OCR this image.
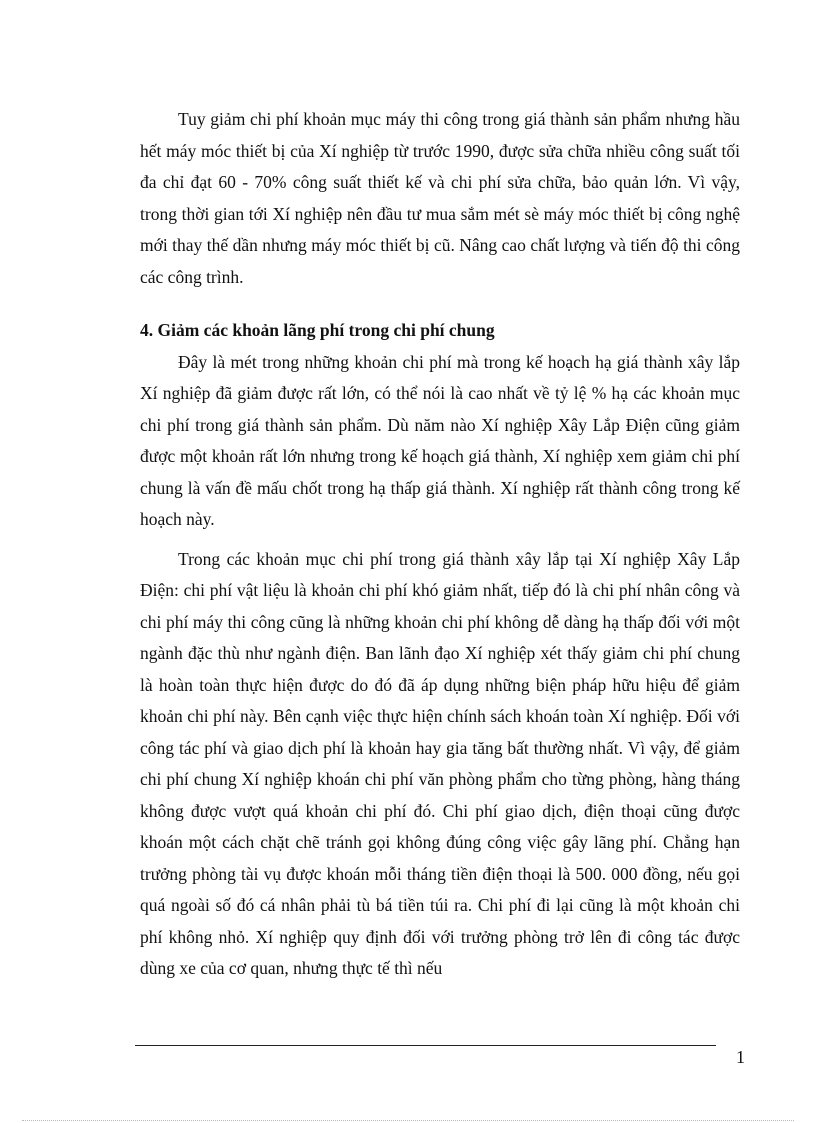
Tuy giảm chi phí khoản mục máy thi công trong giá thành sản phẩm nhưng hầu hết máy móc thiết bị của Xí nghiệp từ trước 1990, được sửa chữa nhiều công suất tối đa chỉ đạt 60 - 70% công suất thiết kế và chi phí sửa chữa, bảo quản lớn. Vì vậy, trong thời gian tới Xí nghiệp nên đầu tư mua sắm mét sè máy móc thiết bị công nghệ mới thay thế dần nhưng máy móc thiết bị cũ. Nâng cao chất lượng và tiến độ thi công các công trình.

4. Giảm các khoản lãng phí trong chi phí chung

Đây là mét trong những khoản chi phí mà trong kế hoạch hạ giá thành xây lắp Xí nghiệp đã giảm được rất lớn, có thể nói là cao nhất về tỷ lệ % hạ các khoản mục chi phí trong giá thành sản phẩm. Dù năm nào Xí nghiệp Xây Lắp Điện cũng giảm được một khoản rất lớn nhưng trong kế hoạch giá thành, Xí nghiệp xem giảm chi phí chung là vấn đề mấu chốt trong hạ thấp giá thành. Xí nghiệp rất thành công trong kế hoạch này.

Trong các khoản mục chi phí trong giá thành xây lắp tại Xí nghiệp Xây Lắp Điện: chi phí vật liệu là khoản chi phí khó giảm nhất, tiếp đó là chi phí nhân công và chi phí máy thi công cũng là những khoản chi phí không dễ dàng hạ thấp đối với một ngành đặc thù như ngành điện. Ban lãnh đạo Xí nghiệp xét thấy giảm chi phí chung là hoàn toàn thực hiện được do đó đã áp dụng những biện pháp hữu hiệu để giảm khoản chi phí này. Bên cạnh việc thực hiện chính sách khoán toàn Xí nghiệp. Đối với công tác phí và giao dịch phí là khoản hay gia tăng bất thường nhất. Vì vậy, để giảm chi phí chung Xí nghiệp khoán chi phí văn phòng phẩm cho từng phòng, hàng tháng không được vượt quá khoản chi phí đó. Chi phí giao dịch, điện thoại cũng được khoán một cách chặt chẽ tránh gọi không đúng công việc gây lãng phí. Chẳng hạn trưởng phòng tài vụ được khoán mỗi tháng tiền điện thoại là 500. 000 đồng, nếu gọi quá ngoài số đó cá nhân phải tù bá tiền túi ra. Chi phí đi lại cũng là một khoản chi phí không nhỏ. Xí nghiệp quy định đối với trưởng phòng trở lên đi công tác được dùng xe của cơ quan, nhưng thực tế thì nếu

1
